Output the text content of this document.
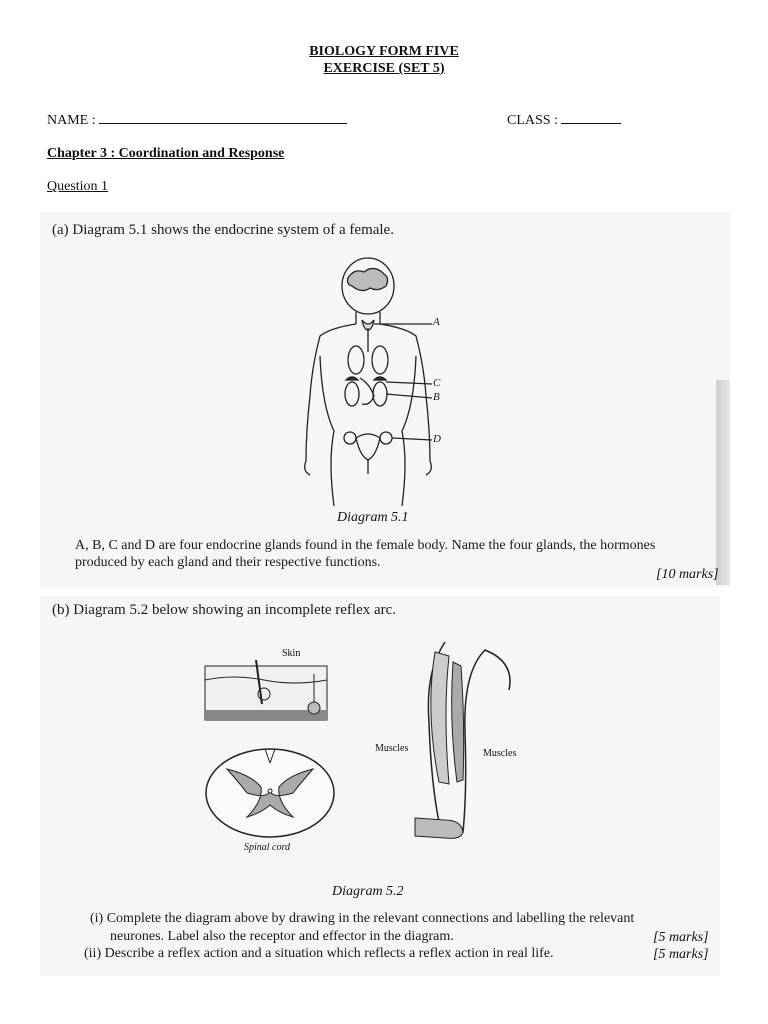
BIOLOGY FORM FIVE
EXERCISE (SET 5)
NAME :	CLASS :
Chapter 3 : Coordination and Response
Question 1
(a) Diagram 5.1 shows the endocrine system of a female.
A
C
B
D
Diagram 5.1
A, B, C and D are four endocrine glands found in the female body. Name the four glands, the hormones
produced by each gland and their respective functions.
[10 marks]
(b) Diagram 5.2 below showing an incomplete reflex arc.
Skin
Spinal cord
Muscles	Muscles
Diagram 5.2
(i) Complete the diagram above by drawing in the relevant connections and labelling the relevant
neurones. Label also the receptor and effector in the diagram.	[5 marks]
(ii) Describe a reflex action and a situation which reflects a reflex action in real life.	[5 marks]
